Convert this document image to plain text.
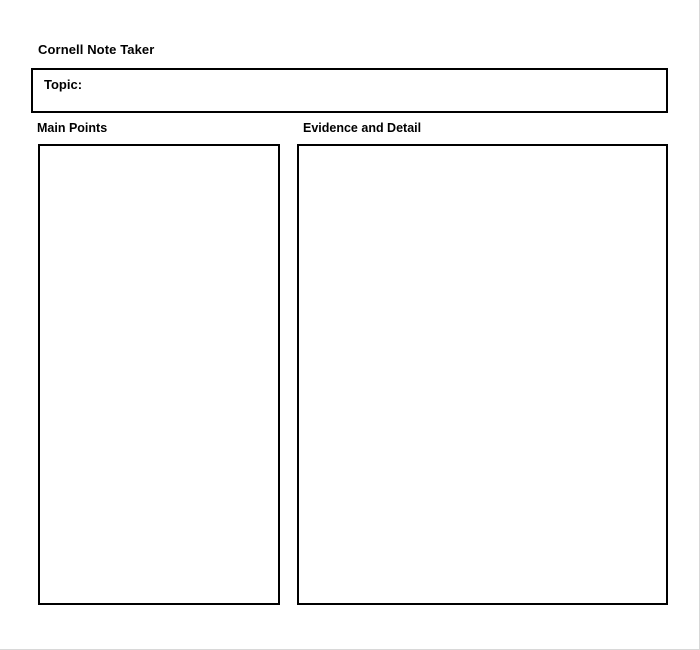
Cornell Note Taker
Topic:
Main Points	Evidence and Detail
